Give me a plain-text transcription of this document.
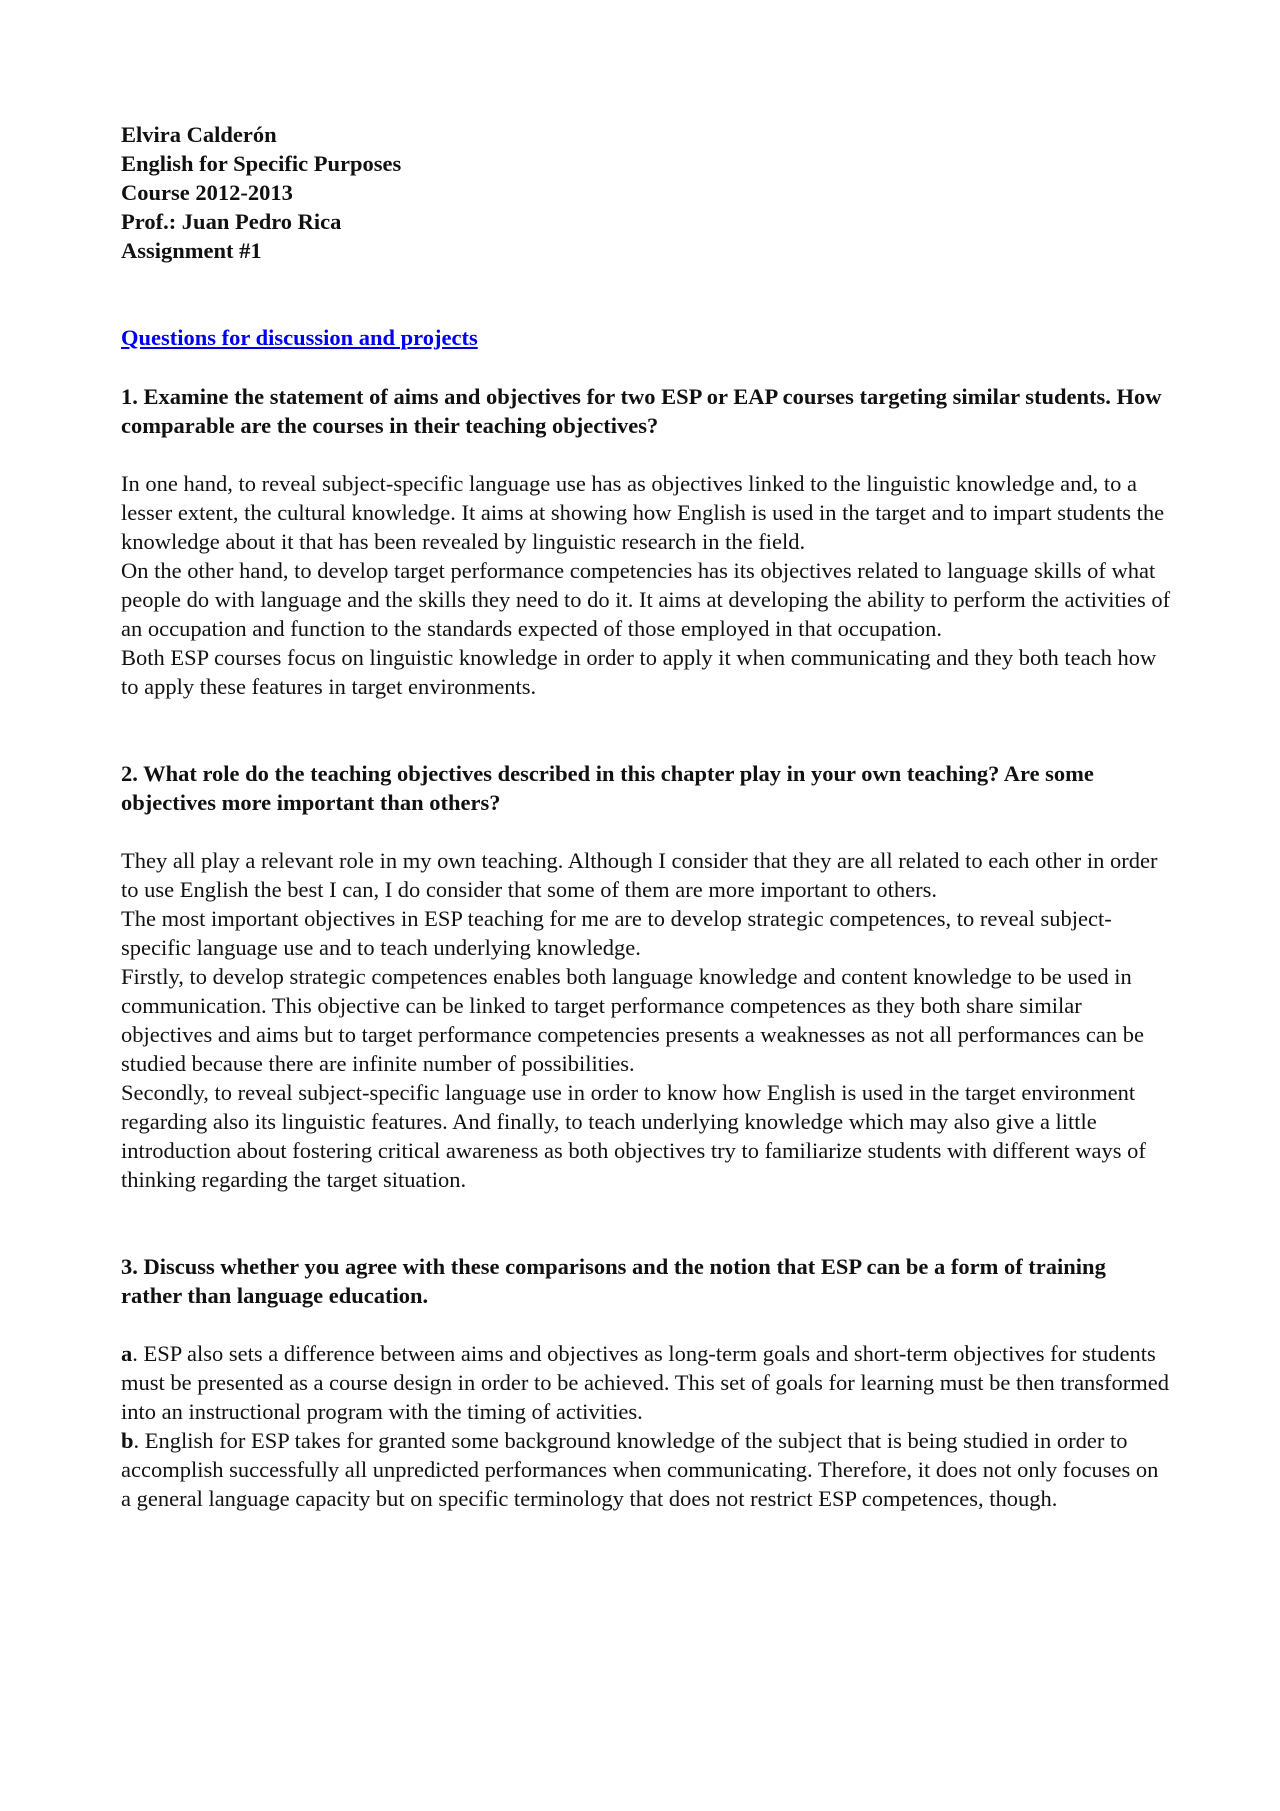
Elvira Calderón
English for Specific Purposes
Course 2012-2013
Prof.: Juan Pedro Rica
Assignment #1
Questions for discussion and projects

1. Examine the statement of aims and objectives for two ESP or EAP courses targeting similar students. How comparable are the courses in their teaching objectives?

In one hand, to reveal subject-specific language use has as objectives linked to the linguistic knowledge and, to a lesser extent, the cultural knowledge. It aims at showing how English is used in the target and to impart students the knowledge about it that has been revealed by linguistic research in the field.

On the other hand, to develop target performance competencies has its objectives related to language skills of what people do with language and the skills they need to do it. It aims at developing the ability to perform the activities of an occupation and function to the standards expected of those employed in that occupation.

Both ESP courses focus on linguistic knowledge in order to apply it when communicating and they both teach how to apply these features in target environments.

2. What role do the teaching objectives described in this chapter play in your own teaching? Are some objectives more important than others?

They all play a relevant role in my own teaching. Although I consider that they are all related to each other in order to use English the best I can, I do consider that some of them are more important to others.

The most important objectives in ESP teaching for me are to develop strategic competences, to reveal subject-specific language use and to teach underlying knowledge.

Firstly, to develop strategic competences enables both language knowledge and content knowledge to be used in communication. This objective can be linked to target performance competences as they both share similar objectives and aims but to target performance competencies presents a weaknesses as not all performances can be studied because there are infinite number of possibilities.

Secondly, to reveal subject-specific language use in order to know how English is used in the target environment regarding also its linguistic features. And finally, to teach underlying knowledge which may also give a little introduction about fostering critical awareness as both objectives try to familiarize students with different ways of thinking regarding the target situation.

3. Discuss whether you agree with these comparisons and the notion that ESP can be a form of training rather than language education.

a. ESP also sets a difference between aims and objectives as long-term goals and short-term objectives for students must be presented as a course design in order to be achieved. This set of goals for learning must be then transformed into an instructional program with the timing of activities.

b. English for ESP takes for granted some background knowledge of the subject that is being studied in order to accomplish successfully all unpredicted performances when communicating. Therefore, it does not only focuses on a general language capacity but on specific terminology that does not restrict ESP competences, though.
